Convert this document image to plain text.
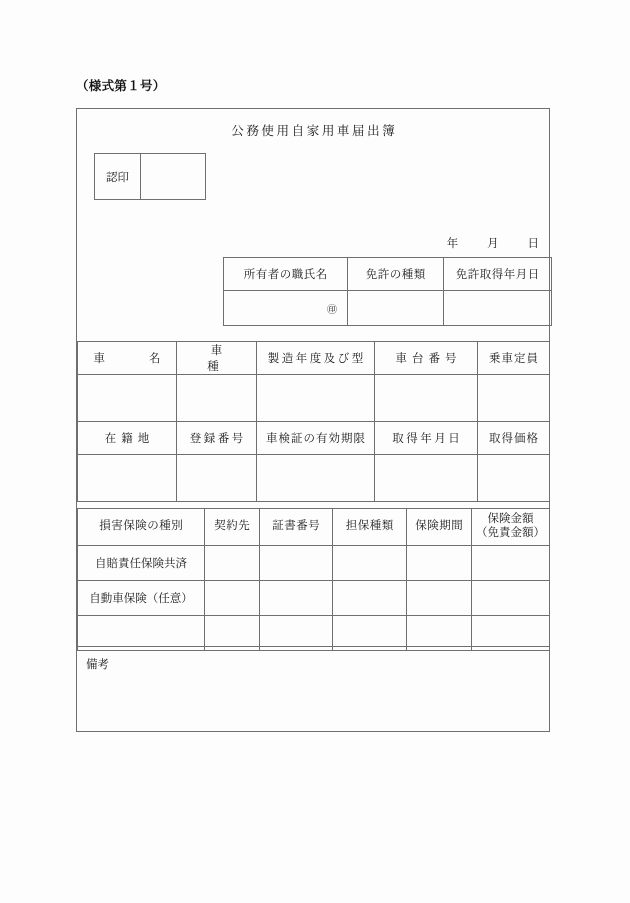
（様式第１号）
公務使用自家用車届出簿
認印
年	月	日
所有者の職氏名	免許の種類	免許取得年月日
㊞		
車　　名	車　　種	製造年度及び型	車台番号	乗車定員

在籍地	登録番号	車検証の有効期限	取得年月日	取得価格

損害保険の種別	契約先	証書番号	担保種類	保険期間	保険金額
（免責金額）

自賠責任保険共済					
自動車保険（任意）					

備考
